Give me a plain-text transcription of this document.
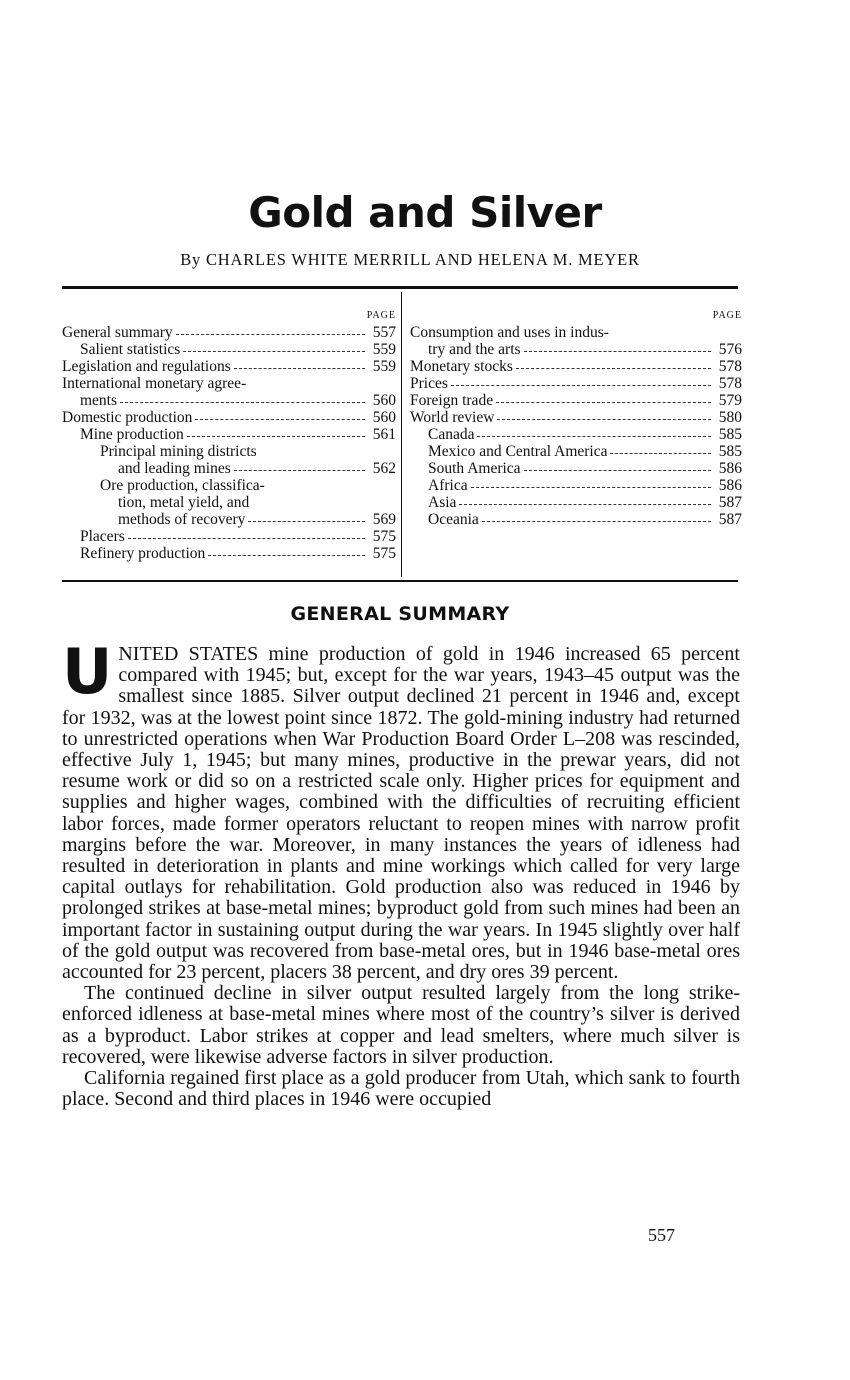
Gold and Silver
By CHARLES WHITE MERRILL AND HELENA M. MEYER
PAGE
General summary	557
Salient statistics	559
Legislation and regulations	559
International monetary agree-
ments	560
Domestic production	560
Mine production	561
Principal mining districts
and leading mines	562
Ore production, classifica-
tion, metal yield, and
methods of recovery	569
Placers	575
Refinery production	575
PAGE
Consumption and uses in indus-
try and the arts	576
Monetary stocks	578
Prices	578
Foreign trade	579
World review	580
Canada	585
Mexico and Central America	585
South America	586
Africa	586
Asia	587
Oceania	587
GENERAL SUMMARY

UNITED STATES mine production of gold in 1946 increased 65 percent compared with 1945; but, except for the war years, 1943–45 output was the smallest since 1885. Silver output declined 21 percent in 1946 and, except for 1932, was at the lowest point since 1872. The gold-mining industry had returned to unrestricted operations when War Production Board Order L–208 was rescinded, effective July 1, 1945; but many mines, productive in the prewar years, did not resume work or did so on a restricted scale only. Higher prices for equipment and supplies and higher wages, combined with the difficulties of recruiting efficient labor forces, made former operators reluctant to reopen mines with narrow profit margins before the war. Moreover, in many instances the years of idleness had resulted in deterioration in plants and mine workings which called for very large capital outlays for rehabilitation. Gold production also was reduced in 1946 by prolonged strikes at base-metal mines; byproduct gold from such mines had been an important factor in sustaining output during the war years. In 1945 slightly over half of the gold output was recovered from base-metal ores, but in 1946 base-metal ores accounted for 23 percent, placers 38 percent, and dry ores 39 percent.

The continued decline in silver output resulted largely from the long strike-enforced idleness at base-metal mines where most of the country’s silver is derived as a byproduct. Labor strikes at copper and lead smelters, where much silver is recovered, were likewise adverse factors in silver production.

California regained first place as a gold producer from Utah, which sank to fourth place. Second and third places in 1946 were occupied

557
